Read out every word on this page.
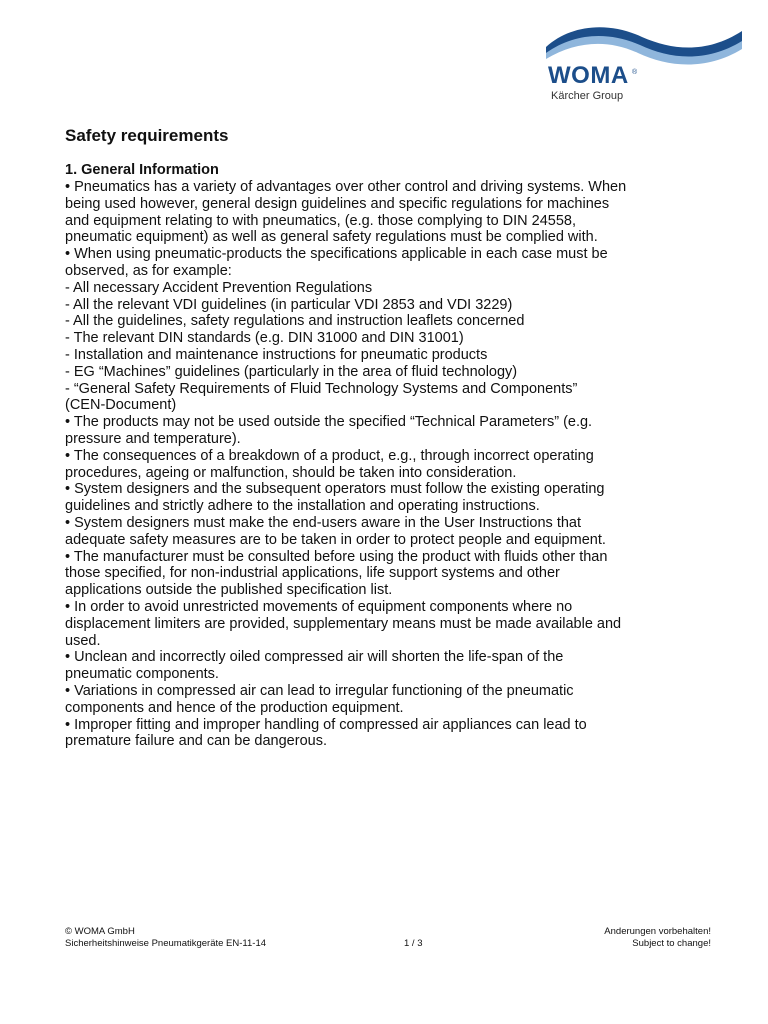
WOMA ®
Kärcher Group
Safety requirements
1. General Information

• Pneumatics has a variety of advantages over other control and driving systems. When
being used however, general design guidelines and specific regulations for machines
and equipment relating to with pneumatics, (e.g. those complying to DIN 24558,
pneumatic equipment) as well as general safety regulations must be complied with.

• When using pneumatic-products the specifications applicable in each case must be
observed, as for example:

- All necessary Accident Prevention Regulations

- All the relevant VDI guidelines (in particular VDI 2853 and VDI 3229)

- All the guidelines, safety regulations and instruction leaflets concerned

- The relevant DIN standards (e.g. DIN 31000 and DIN 31001)

- Installation and maintenance instructions for pneumatic products

- EG “Machines” guidelines (particularly in the area of fluid technology)

- “General Safety Requirements of Fluid Technology Systems and Components”
(CEN-Document)

• The products may not be used outside the specified “Technical Parameters” (e.g.
pressure and temperature).

• The consequences of a breakdown of a product, e.g., through incorrect operating
procedures, ageing or malfunction, should be taken into consideration.

• System designers and the subsequent operators must follow the existing operating
guidelines and strictly adhere to the installation and operating instructions.

• System designers must make the end-users aware in the User Instructions that
adequate safety measures are to be taken in order to protect people and equipment.

• The manufacturer must be consulted before using the product with fluids other than
those specified, for non-industrial applications, life support systems and other
applications outside the published specification list.

• In order to avoid unrestricted movements of equipment components where no
displacement limiters are provided, supplementary means must be made available and
used.

• Unclean and incorrectly oiled compressed air will shorten the life-span of the
pneumatic components.

• Variations in compressed air can lead to irregular functioning of the pneumatic
components and hence of the production equipment.

• Improper fitting and improper handling of compressed air appliances can lead to
premature failure and can be dangerous.

© WOMA GmbH
Sicherheitshinweise Pneumatikgeräte EN-11-14	1 / 3
Anderungen vorbehalten!
Subject to change!
